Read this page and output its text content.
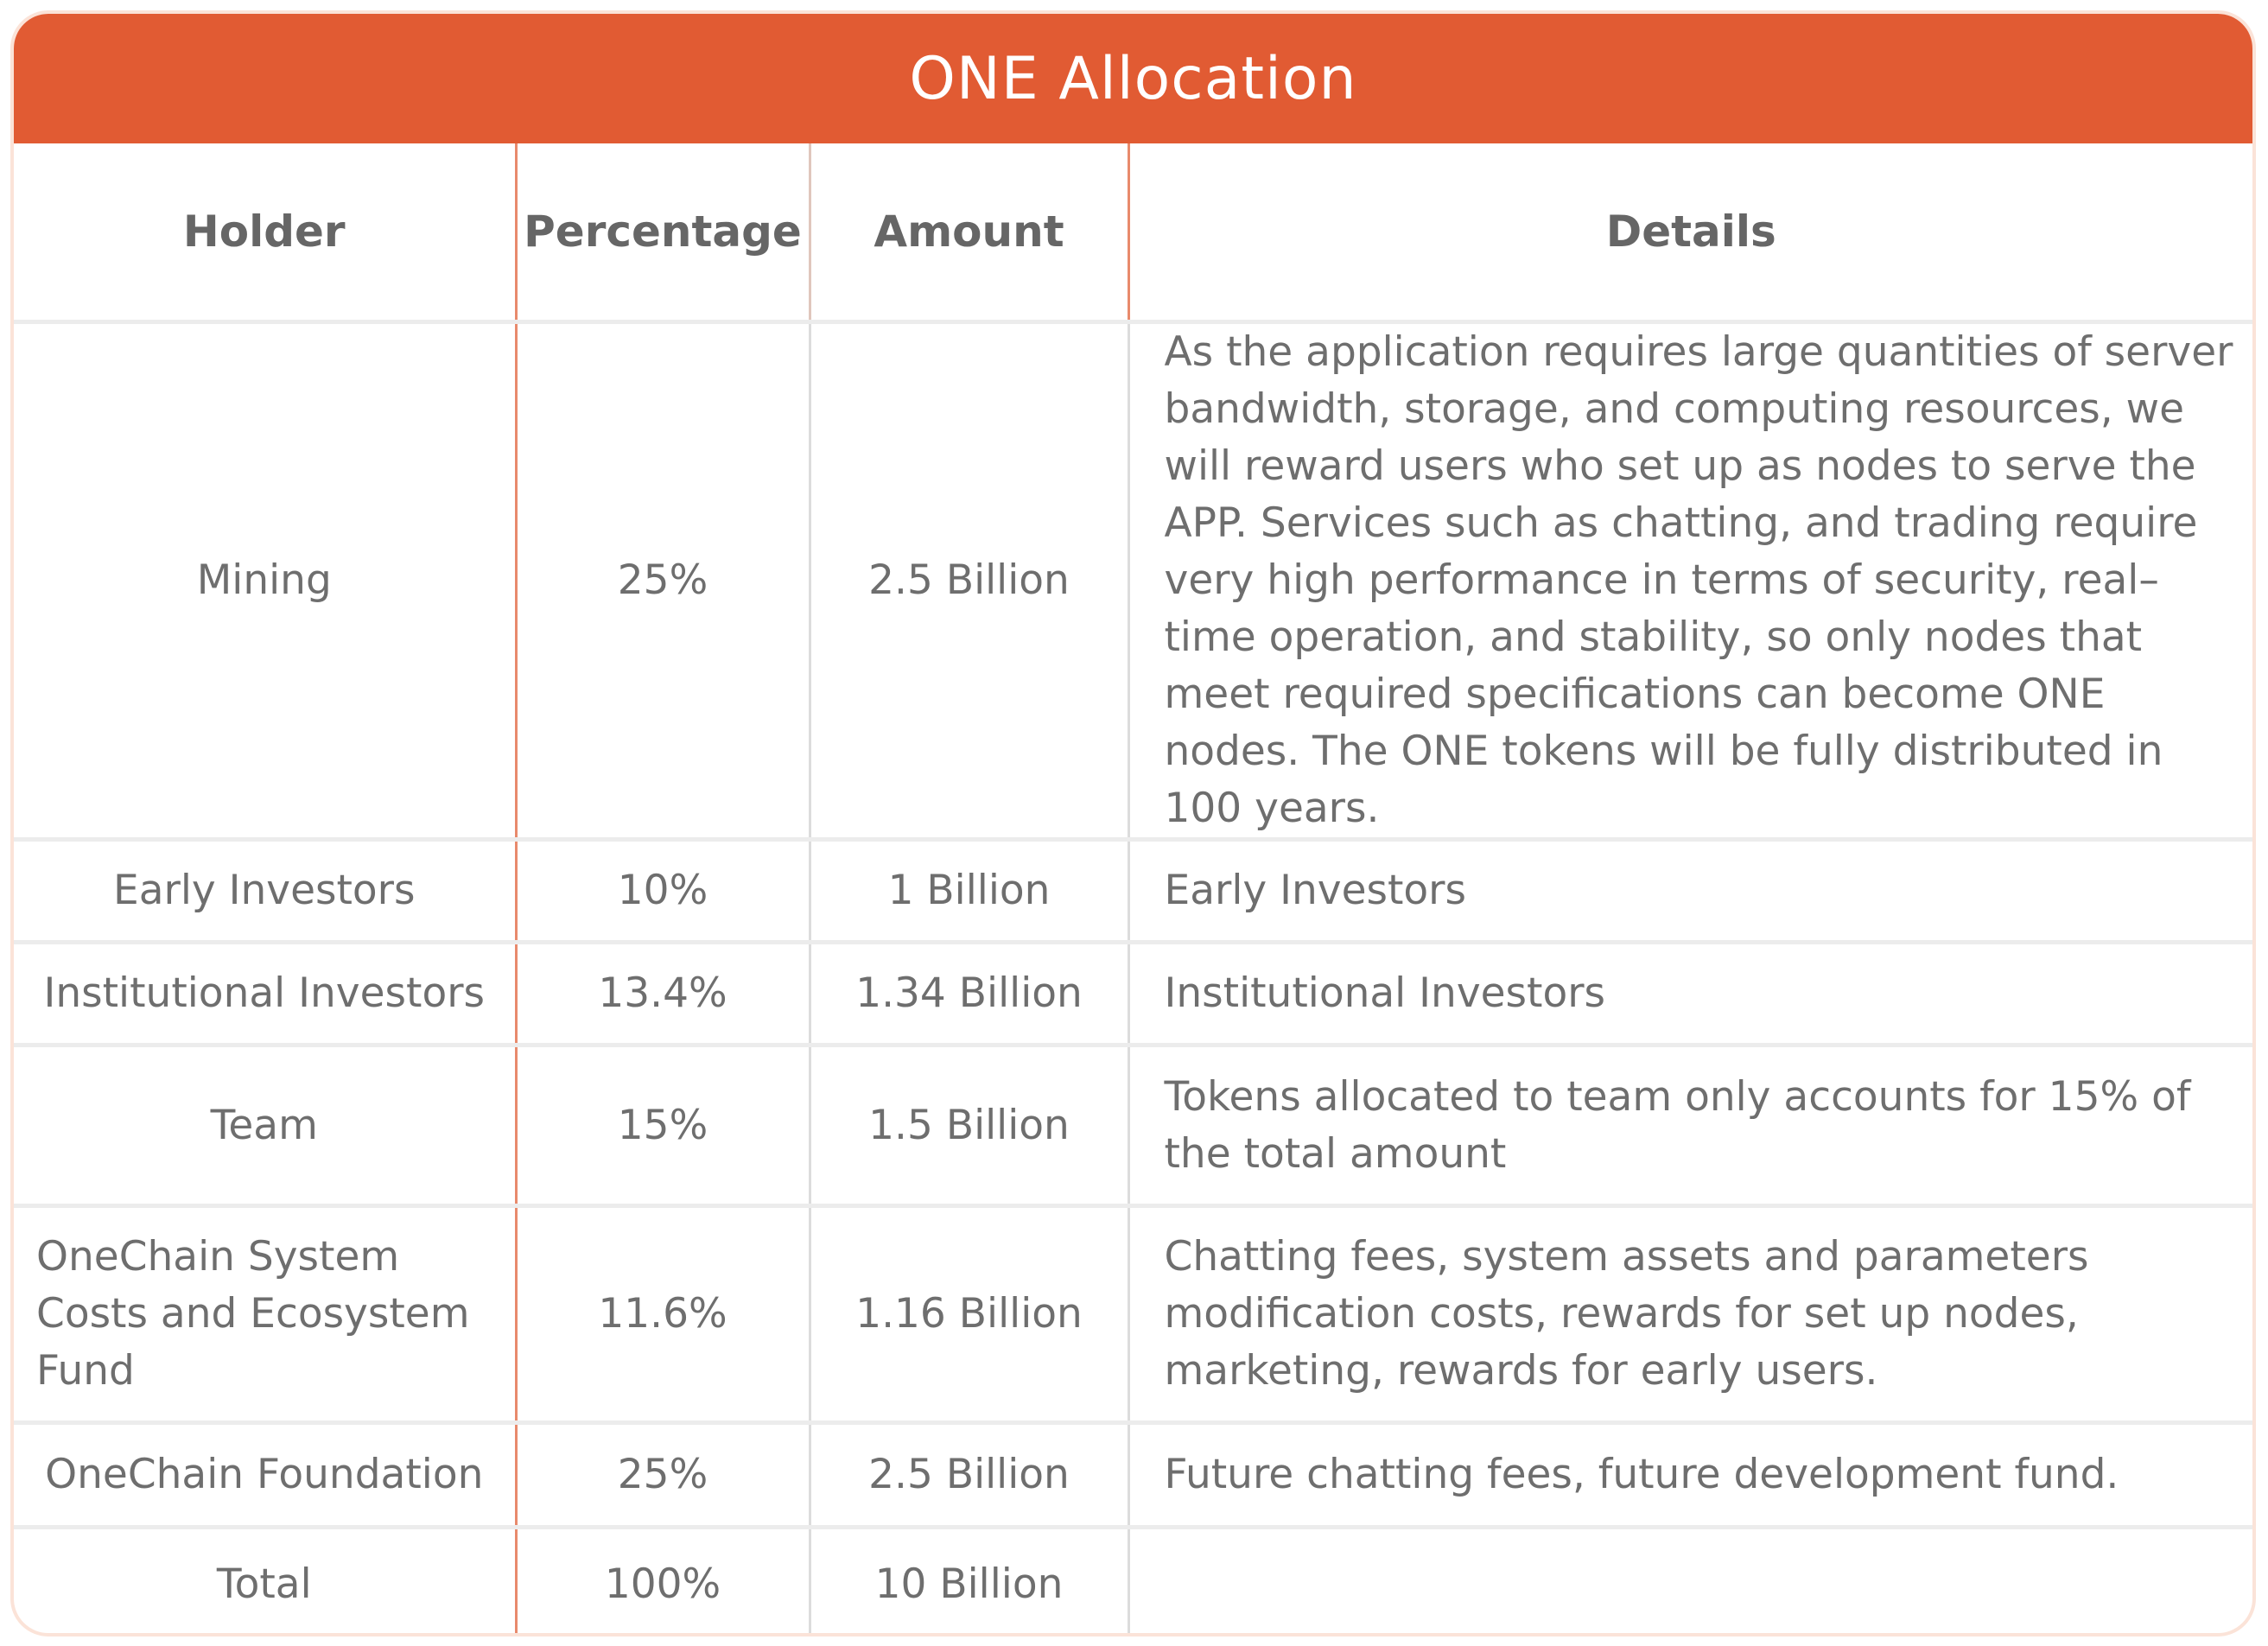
ONE Allocation
Holder	Percentage	Amount	Details
Mining	25%	2.5 Billion	As the application requires large quantities of server bandwidth, storage, and computing resources, we will reward users who set up as nodes to serve the APP. Services such as chatting, and trading require very high performance in terms of security, real–time operation, and stability, so only nodes that meet required specifications can become ONE nodes. The ONE tokens will be fully distributed in 100 years.
Early Investors	10%	1 Billion	Early Investors
Institutional Investors	13.4%	1.34 Billion	Institutional Investors
Team	15%	1.5 Billion	Tokens allocated to team only accounts for 15% of the total amount
OneChain System Costs and Ecosystem Fund	11.6%	1.16 Billion	Chatting fees, system assets and parameters modification costs, rewards for set up nodes, marketing, rewards for early users.
OneChain Foundation	25%	2.5 Billion	Future chatting fees, future development fund.
Total	100%	10 Billion	
